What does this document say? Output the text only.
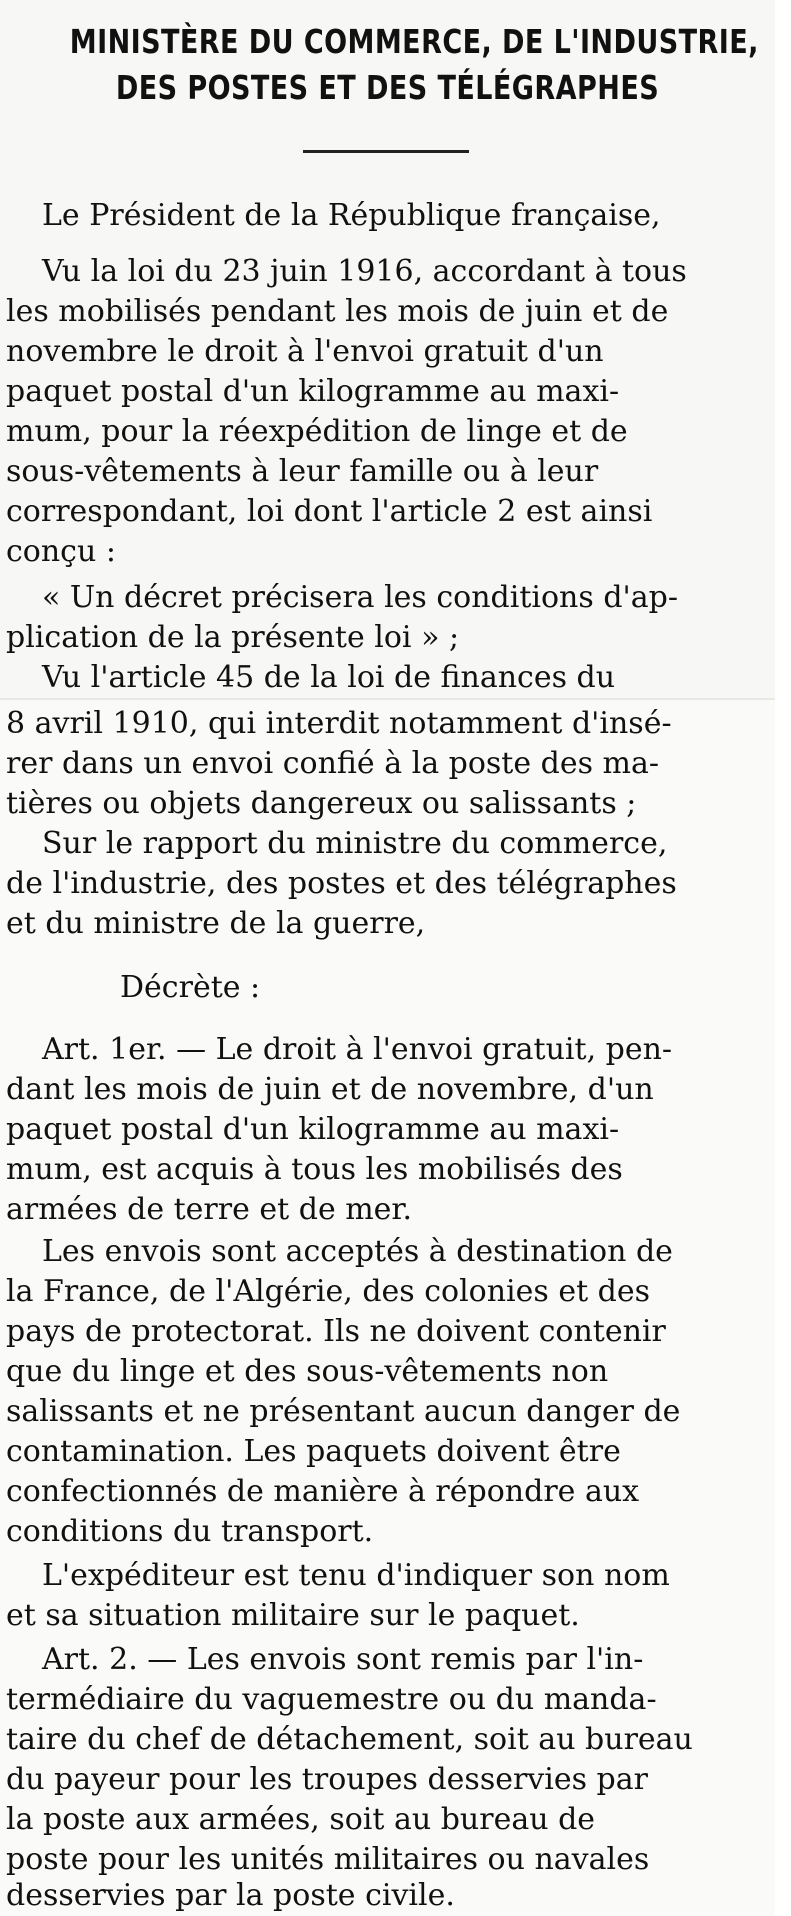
MINISTÈRE DU COMMERCE, DE L'INDUSTRIE,
DES POSTES ET DES TÉLÉGRAPHES
Le Président de la République française,
Vu la loi du 23 juin 1916, accordant à tous
les mobilisés pendant les mois de juin et de
novembre le droit à l'envoi gratuit d'un
paquet postal d'un kilogramme au maxi-
mum, pour la réexpédition de linge et de
sous-vêtements à leur famille ou à leur
correspondant, loi dont l'article 2 est ainsi
conçu :
« Un décret précisera les conditions d'ap-
plication de la présente loi » ;
Vu l'article 45 de la loi de finances du
8 avril 1910, qui interdit notamment d'insé-
rer dans un envoi confié à la poste des ma-
tières ou objets dangereux ou salissants ;
Sur le rapport du ministre du commerce,
de l'industrie, des postes et des télégraphes
et du ministre de la guerre,
Décrète :
Art. 1er. — Le droit à l'envoi gratuit, pen-
dant les mois de juin et de novembre, d'un
paquet postal d'un kilogramme au maxi-
mum, est acquis à tous les mobilisés des
armées de terre et de mer.
Les envois sont acceptés à destination de
la France, de l'Algérie, des colonies et des
pays de protectorat. Ils ne doivent contenir
que du linge et des sous-vêtements non
salissants et ne présentant aucun danger de
contamination. Les paquets doivent être
confectionnés de manière à répondre aux
conditions du transport.
L'expéditeur est tenu d'indiquer son nom
et sa situation militaire sur le paquet.
Art. 2. — Les envois sont remis par l'in-
termédiaire du vaguemestre ou du manda-
taire du chef de détachement, soit au bureau
du payeur pour les troupes desservies par
la poste aux armées, soit au bureau de
poste pour les unités militaires ou navales
desservies par la poste civile.
